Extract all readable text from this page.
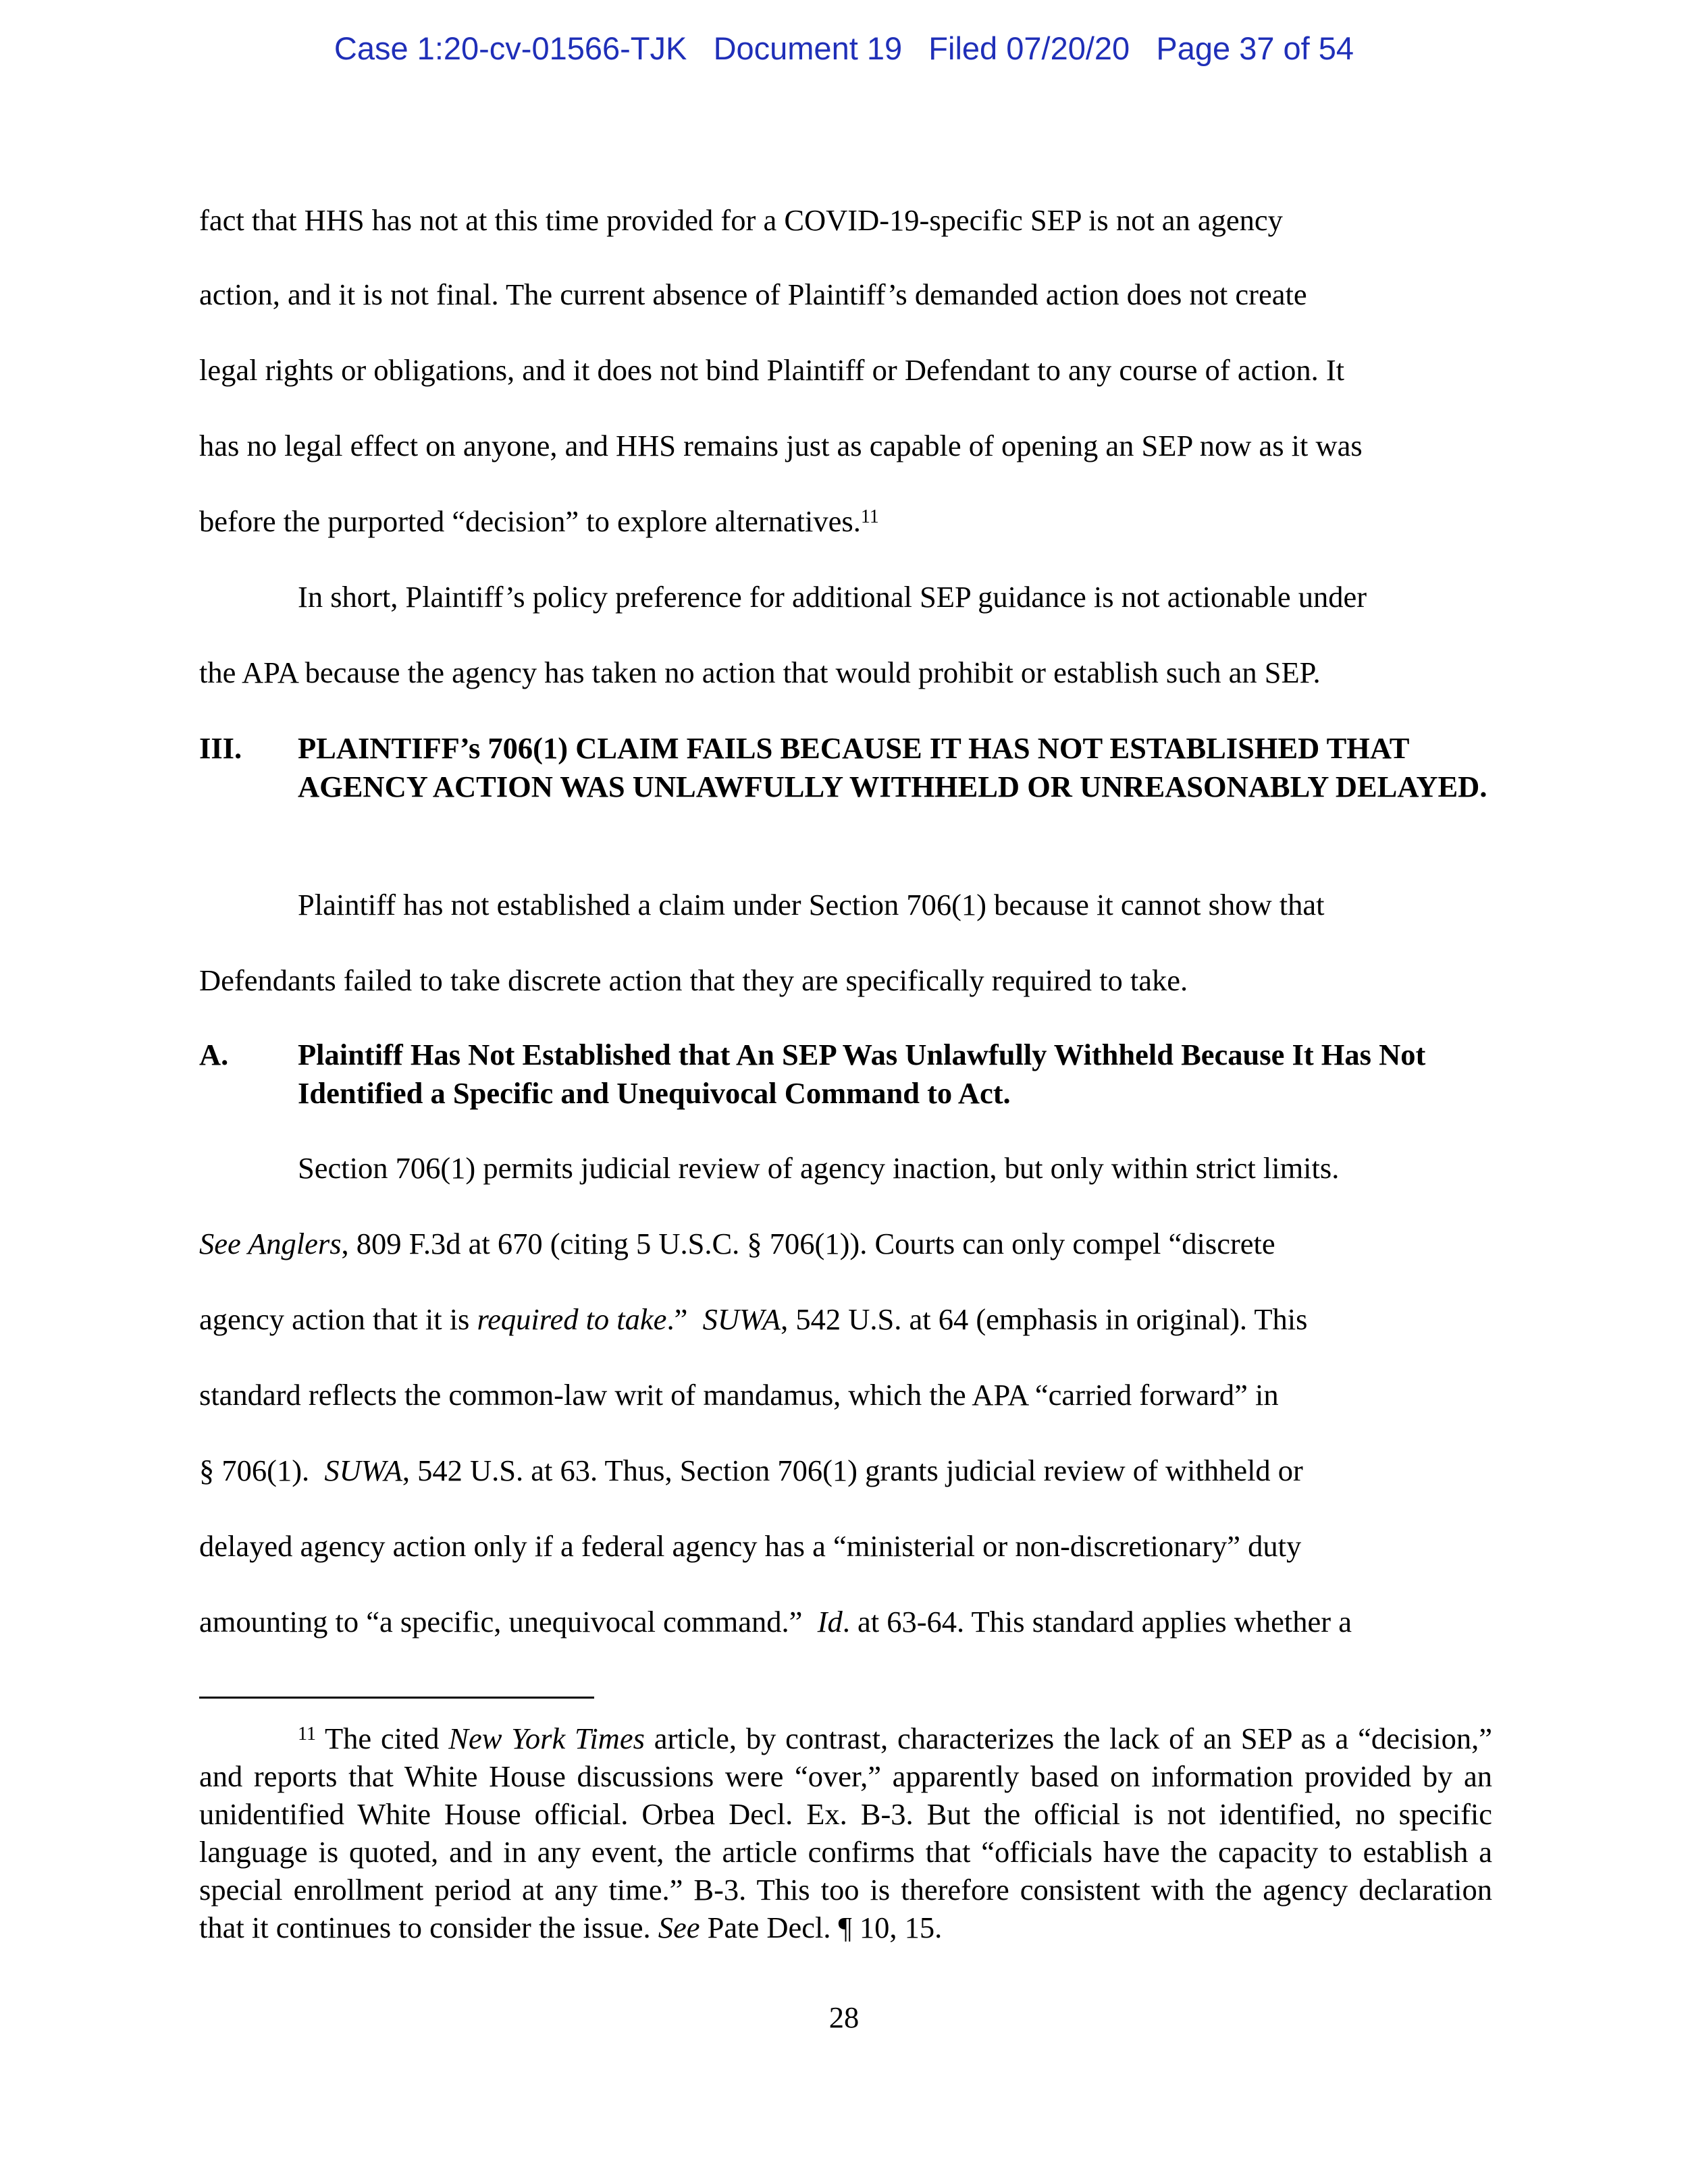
Case 1:20-cv-01566-TJK Document 19 Filed 07/20/20 Page 37 of 54
fact that HHS has not at this time provided for a COVID-19-specific SEP is not an agency
action, and it is not final. The current absence of Plaintiff’s demanded action does not create
legal rights or obligations, and it does not bind Plaintiff or Defendant to any course of action. It
has no legal effect on anyone, and HHS remains just as capable of opening an SEP now as it was
before the purported “decision” to explore alternatives.$^{11}$
In short, Plaintiff’s policy preference for additional SEP guidance is not actionable under
the APA because the agency has taken no action that would prohibit or establish such an SEP.
III. PLAINTIFF’s 706(1) CLAIM FAILS BECAUSE IT HAS NOT ESTABLISHED THAT AGENCY ACTION WAS UNLAWFULLY WITHHELD OR UNREASONABLY DELAYED.
Plaintiff has not established a claim under Section 706(1) because it cannot show that
Defendants failed to take discrete action that they are specifically required to take.
A. Plaintiff Has Not Established that An SEP Was Unlawfully Withheld Because It Has Not Identified a Specific and Unequivocal Command to Act.
Section 706(1) permits judicial review of agency inaction, but only within strict limits.
See Anglers, 809 F.3d at 670 (citing 5 U.S.C. § 706(1)). Courts can only compel “discrete
agency action that it is required to take.”  SUWA, 542 U.S. at 64 (emphasis in original). This
standard reflects the common-law writ of mandamus, which the APA “carried forward” in
§ 706(1).  SUWA, 542 U.S. at 63. Thus, Section 706(1) grants judicial review of withheld or
delayed agency action only if a federal agency has a “ministerial or non-discretionary” duty
amounting to “a specific, unequivocal command.”  Id. at 63-64. This standard applies whether a
$^{11}$ The cited New York Times article, by contrast, characterizes the lack of an SEP as a “decision,” and reports that White House discussions were “over,” apparently based on information provided by an unidentified White House official. Orbea Decl. Ex. B-3. But the official is not identified, no specific language is quoted, and in any event, the article confirms that “officials have the capacity to establish a special enrollment period at any time.” B-3. This too is therefore consistent with the agency declaration that it continues to consider the issue. See Pate Decl. ¶ 10, 15.
28
